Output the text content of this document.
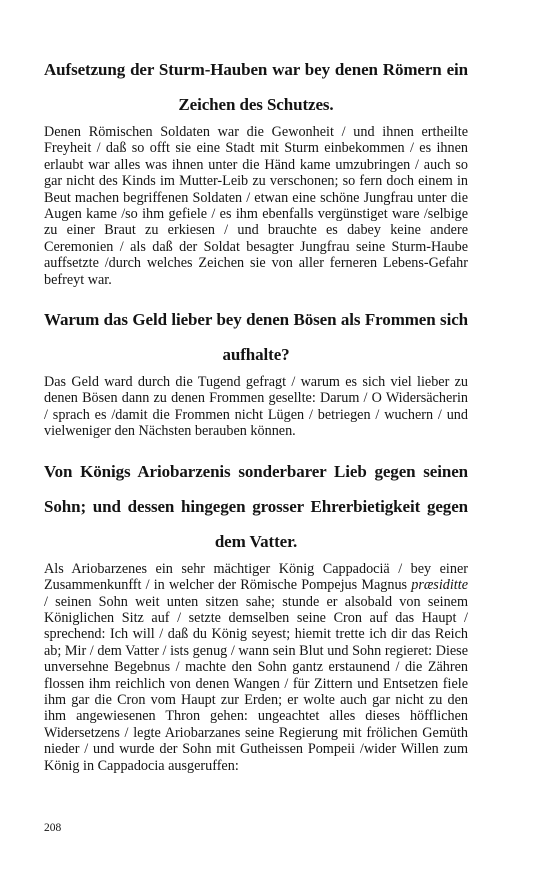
Aufsetzung der Sturm-Hauben war bey denen Römern ein Zeichen des Schutzes.

Denen Römischen Soldaten war die Gewonheit / und ihnen ertheilte Freyheit / daß so offt sie eine Stadt mit Sturm einbekommen / es ihnen erlaubt war alles was ihnen unter die Händ kame umzubringen / auch so gar nicht des Kinds im Mutter-Leib zu verschonen; so fern doch einem in Beut machen begriffenen Soldaten / etwan eine schöne Jungfrau unter die Augen kame /so ihm gefiele / es ihm ebenfalls vergünstiget ware /selbige zu einer Braut zu erkiesen / und brauchte es dabey keine andere Ceremonien / als daß der Soldat besagter Jungfrau seine Sturm-Haube auffsetzte /durch welches Zeichen sie von aller ferneren Lebens-Gefahr befreyt war.

Warum das Geld lieber bey denen Bösen als Frommen sich aufhalte?

Das Geld ward durch die Tugend gefragt / warum es sich viel lieber zu denen Bösen dann zu denen Frommen gesellte: Darum / O Widersächerin / sprach es /damit die Frommen nicht Lügen / betriegen / wuchern / und vielweniger den Nächsten berauben können.

Von Königs Ariobarzenis sonderbarer Lieb gegen seinen Sohn; und dessen hingegen grosser Ehrerbietigkeit gegen dem Vatter.

Als Ariobarzenes ein sehr mächtiger König Cappadociä / bey einer Zusammenkunfft / in welcher der Römische Pompejus Magnus præsiditte / seinen Sohn weit unten sitzen sahe; stunde er alsobald von seinem Königlichen Sitz auf / setzte demselben seine Cron auf das Haupt / sprechend: Ich will / daß du König seyest; hiemit trette ich dir das Reich ab; Mir / dem Vatter / ists genug / wann sein Blut und Sohn regieret: Diese unversehne Begebnus / machte den Sohn gantz erstaunend / die Zähren flossen ihm reichlich von denen Wangen / für Zittern und Entsetzen fiele ihm gar die Cron vom Haupt zur Erden; er wolte auch gar nicht zu den ihm angewiesenen Thron gehen: ungeachtet alles dieses höfflichen Widersetzens / legte Ariobarzanes seine Regierung mit frölichen Gemüth nieder / und wurde der Sohn mit Gutheissen Pompeii /wider Willen zum König in Cappadocia ausgeruffen:

208
